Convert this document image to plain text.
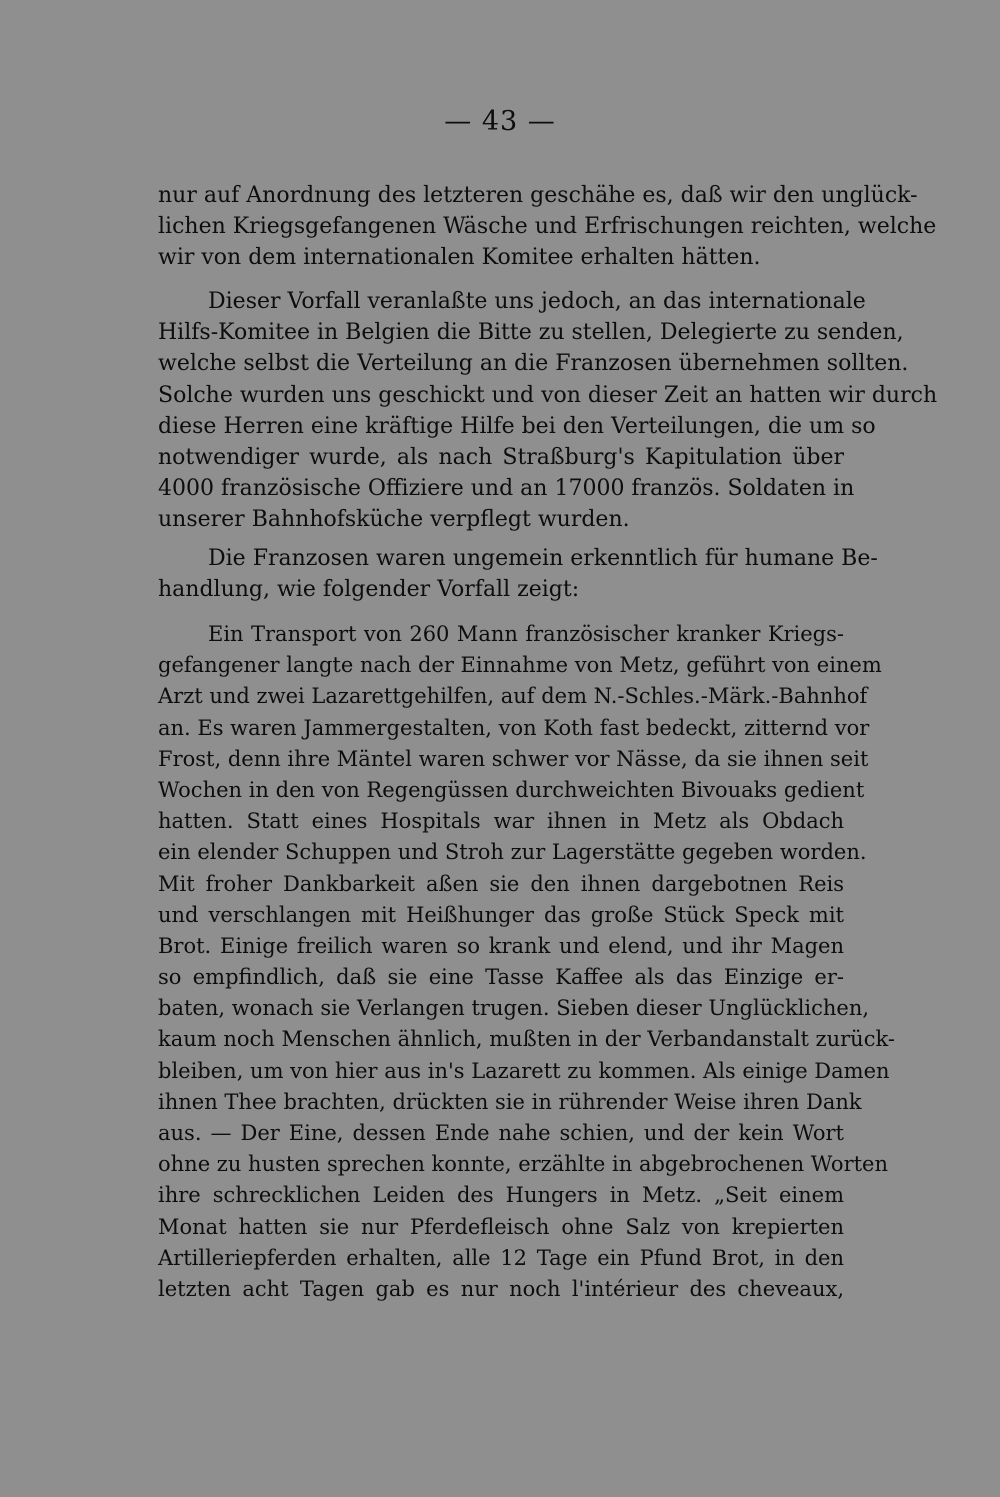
— 43 —
nur auf Anordnung des letzteren geschähe es, daß wir den unglück-
lichen Kriegsgefangenen Wäsche und Erfrischungen reichten, welche
wir von dem internationalen Komitee erhalten hätten.
Dieser Vorfall veranlaßte uns jedoch, an das internationale
Hilfs-Komitee in Belgien die Bitte zu stellen, Delegierte zu senden,
welche selbst die Verteilung an die Franzosen übernehmen sollten.
Solche wurden uns geschickt und von dieser Zeit an hatten wir durch
diese Herren eine kräftige Hilfe bei den Verteilungen, die um so
notwendiger wurde, als nach Straßburg's Kapitulation über
4000 französische Offiziere und an 17000 französ. Soldaten in
unserer Bahnhofsküche verpflegt wurden.
Die Franzosen waren ungemein erkenntlich für humane Be-
handlung, wie folgender Vorfall zeigt:
Ein Transport von 260 Mann französischer kranker Kriegs-
gefangener langte nach der Einnahme von Metz, geführt von einem
Arzt und zwei Lazarettgehilfen, auf dem N.-Schles.-Märk.-Bahnhof
an. Es waren Jammergestalten, von Koth fast bedeckt, zitternd vor
Frost, denn ihre Mäntel waren schwer vor Nässe, da sie ihnen seit
Wochen in den von Regengüssen durchweichten Bivouaks gedient
hatten. Statt eines Hospitals war ihnen in Metz als Obdach
ein elender Schuppen und Stroh zur Lagerstätte gegeben worden.
Mit froher Dankbarkeit aßen sie den ihnen dargebotnen Reis
und verschlangen mit Heißhunger das große Stück Speck mit
Brot. Einige freilich waren so krank und elend, und ihr Magen
so empfindlich, daß sie eine Tasse Kaffee als das Einzige er-
baten, wonach sie Verlangen trugen. Sieben dieser Unglücklichen,
kaum noch Menschen ähnlich, mußten in der Verbandanstalt zurück-
bleiben, um von hier aus in's Lazarett zu kommen. Als einige Damen
ihnen Thee brachten, drückten sie in rührender Weise ihren Dank
aus. — Der Eine, dessen Ende nahe schien, und der kein Wort
ohne zu husten sprechen konnte, erzählte in abgebrochenen Worten
ihre schrecklichen Leiden des Hungers in Metz. „Seit einem
Monat hatten sie nur Pferdefleisch ohne Salz von krepierten
Artilleriepferden erhalten, alle 12 Tage ein Pfund Brot, in den
letzten acht Tagen gab es nur noch l'intérieur des cheveaux,
